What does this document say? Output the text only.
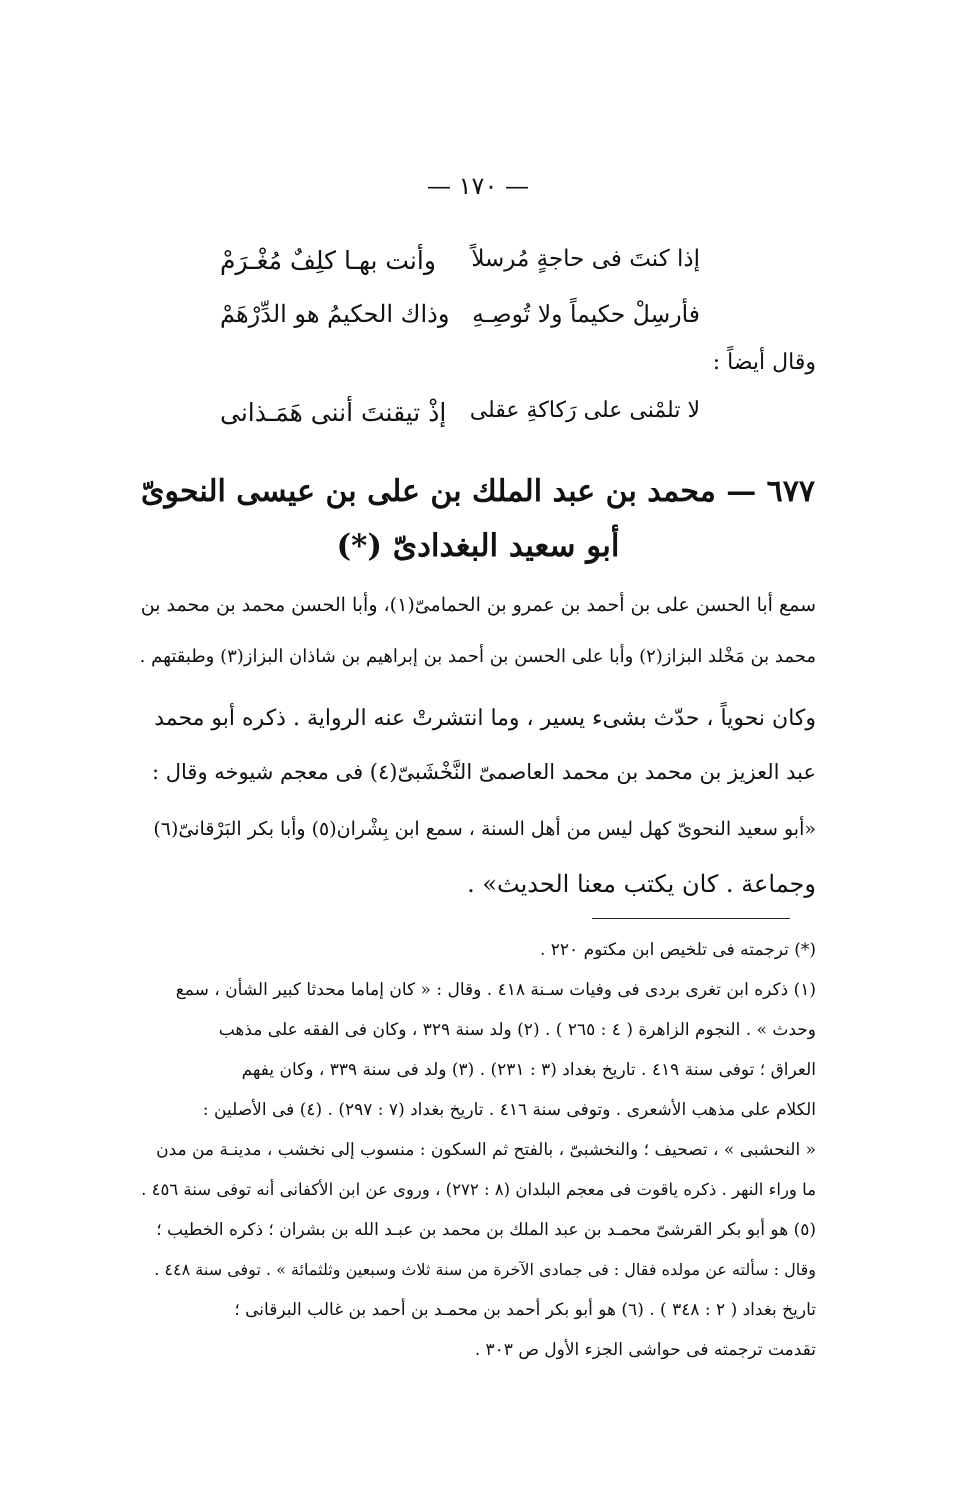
— ١٧٠ —
إذا كنتَ فى حاجةٍ مُرسلاً
وأنت بهـا كلِفٌ مُغْـرَمْ
فأرسِلْ حكيماً ولا تُوصِـهِ
وذاك الحكيمُ هو الدِّرْهَمْ
وقال أيضاً :
لا تلمْنى على رَكاكةِ عقلى
إذْ تيقنتَ أننى هَمَـذانى
٦٧٧ — محمد بن عبد الملك بن على بن عيسى النحوىّ
أبو سعيد البغدادىّ (*)
سمع أبا الحسن على بن أحمد بن عمرو بن الحمامىّ(١)، وأبا الحسن محمد بن محمد بن
محمد بن مَخْلد البزاز(٢) وأبا على الحسن بن أحمد بن إبراهيم بن شاذان البزاز(٣) وطبقتهم .
وكان نحوياً ، حدّث بشىء يسير ، وما انتشرتْ عنه الرواية . ذكره أبو محمد
عبد العزيز بن محمد بن محمد العاصمىّ النَّخْشَبىّ(٤) فى معجم شيوخه وقال :
«أبو سعيد النحوىّ كهل ليس من أهل السنة ، سمع ابن بِشْران(٥) وأبا بكر البَرْقانىّ(٦)
وجماعة . كان يكتب معنا الحديث» .
(*) ترجمته فى تلخيص ابن مكتوم ٢٢٠ .
(١) ذكره ابن تغرى بردى فى وفيات سـنة ٤١٨ . وقال : « كان إماما محدثا كبير الشأن ، سمع
وحدث » . النجوم الزاهرة ( ٤ : ٢٦٥ ) . (٢) ولد سنة ٣٢٩ ، وكان فى الفقه على مذهب
العراق ؛ توفى سنة ٤١٩ . تاريخ بغداد (٣ : ٢٣١) . (٣) ولد فى سنة ٣٣٩ ، وكان يفهم
الكلام على مذهب الأشعرى . وتوفى سنة ٤١٦ . تاريخ بغداد (٧ : ٢٩٧) . (٤) فى الأصلين :
« النحشبى » ، تصحيف ؛ والنخشبىّ ، بالفتح ثم السكون : منسوب إلى نخشب ، مدينـة من مدن
ما وراء النهر . ذكره ياقوت فى معجم البلدان (٨ : ٢٧٢) ، وروى عن ابن الأكفانى أنه توفى سنة ٤٥٦ .
(٥) هو أبو بكر القرشىّ محمـد بن عبد الملك بن محمد بن عبـد الله بن بشران ؛ ذكره الخطيب ؛
وقال : سألته عن مولده فقال : فى جمادى الآخرة من سنة ثلاث وسبعين وثلثمائة » . توفى سنة ٤٤٨ .
تاريخ بغداد ( ٢ : ٣٤٨ ) . (٦) هو أبو بكر أحمد بن محمـد بن أحمد بن غالب البرقانى ؛
تقدمت ترجمته فى حواشى الجزء الأول ص ٣٠٣ .
